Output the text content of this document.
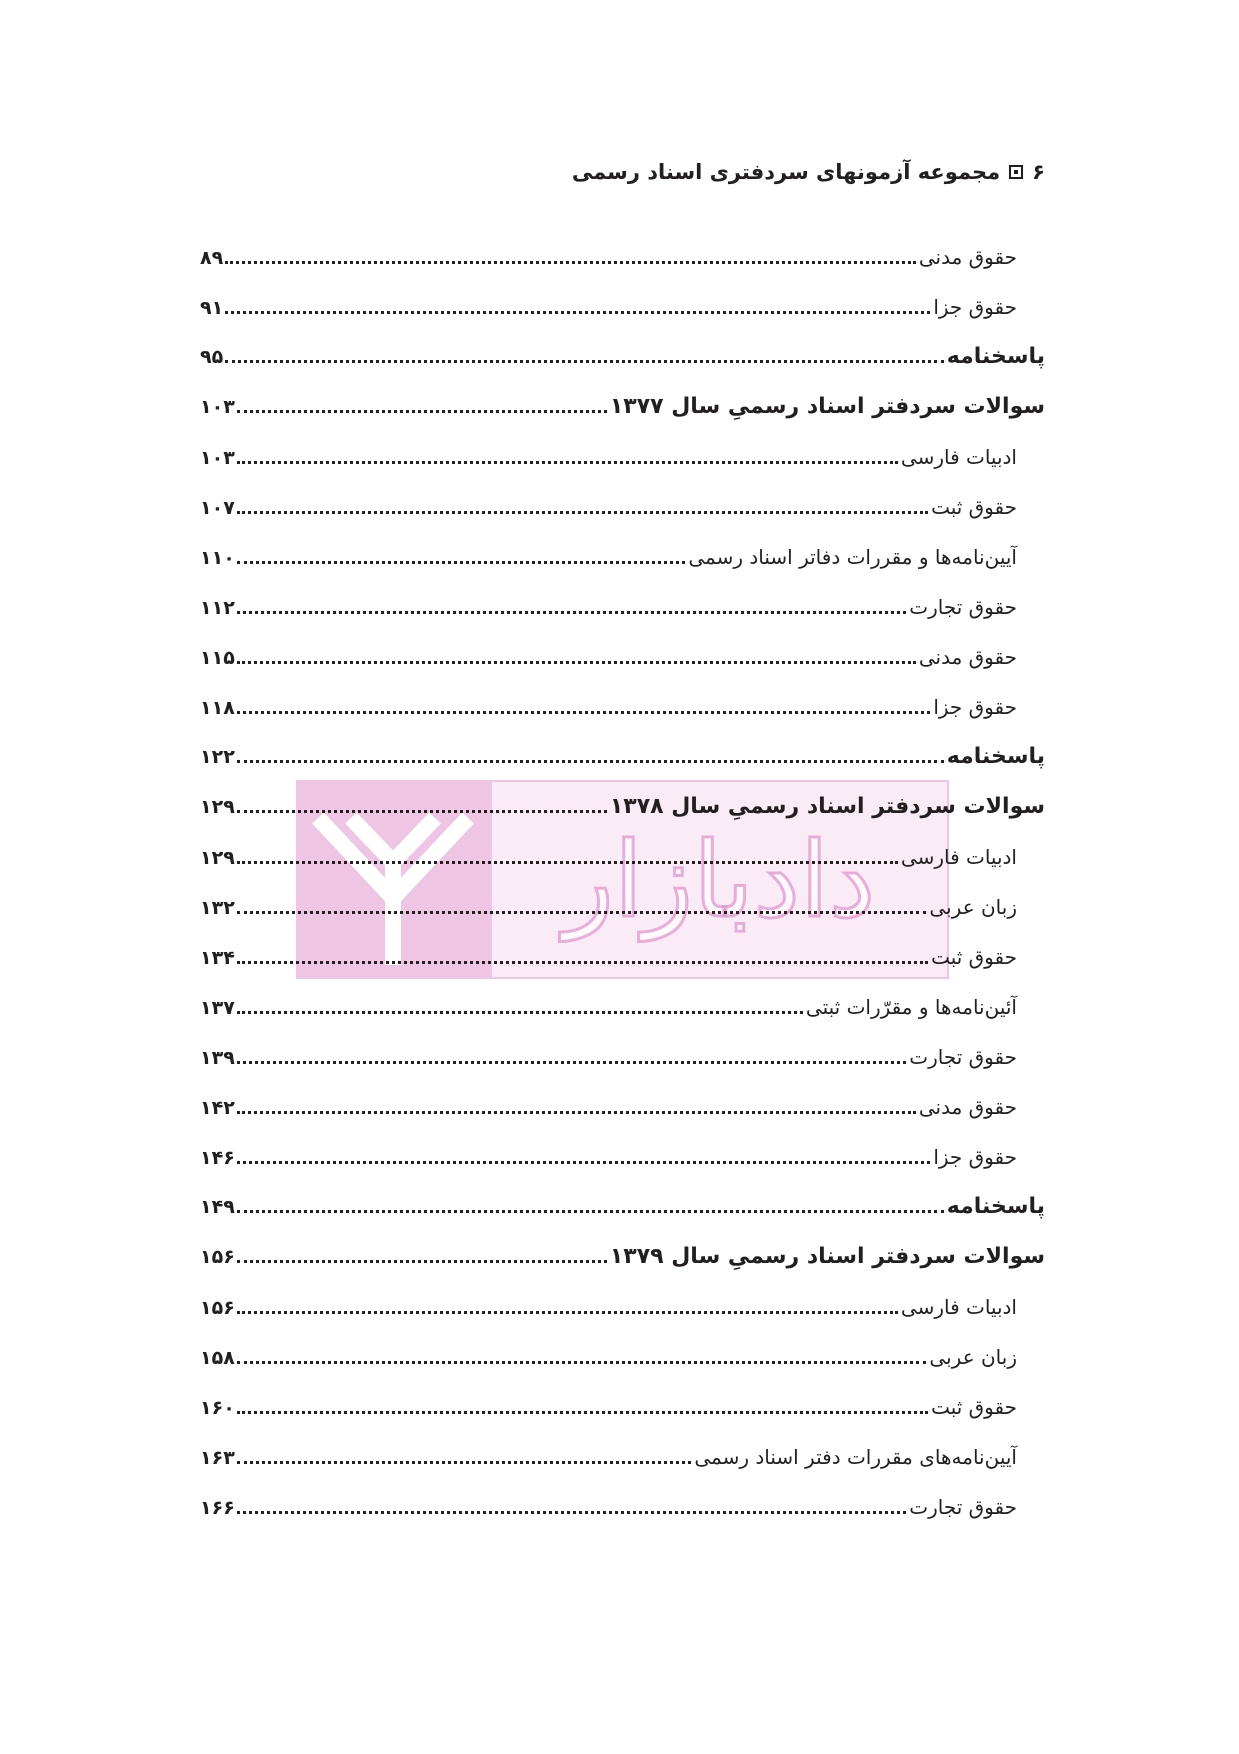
۶
مجموعه آزمونهای سردفتری اسناد رسمی
دادبازار
حقوق مدنی
۸۹
حقوق جزا
۹۱
پاسخنامه
۹۵
سوالات سردفتر اسناد رسمیِ سال ۱۳۷۷
۱۰۳
ادبیات فارسی
۱۰۳
حقوق ثبت
۱۰۷
آیین‌نامه‌ها و مقررات دفاتر اسناد رسمی
۱۱۰
حقوق تجارت
۱۱۲
حقوق مدنی
۱۱۵
حقوق جزا
۱۱۸
پاسخنامه
۱۲۲
سوالات سردفتر اسناد رسمیِ سال ۱۳۷۸
۱۲۹
ادبیات فارسی
۱۲۹
زبان عربی
۱۳۲
حقوق ثبت
۱۳۴
آئین‌نامه‌ها و مقرّرات ثبتی
۱۳۷
حقوق تجارت
۱۳۹
حقوق مدنی
۱۴۲
حقوق جزا
۱۴۶
پاسخنامه
۱۴۹
سوالات سردفتر اسناد رسمیِ سال ۱۳۷۹
۱۵۶
ادبیات فارسی
۱۵۶
زبان عربی
۱۵۸
حقوق ثبت
۱۶۰
آیین‌نامه‌های مقررات دفتر اسناد رسمی
۱۶۳
حقوق تجارت
۱۶۶
